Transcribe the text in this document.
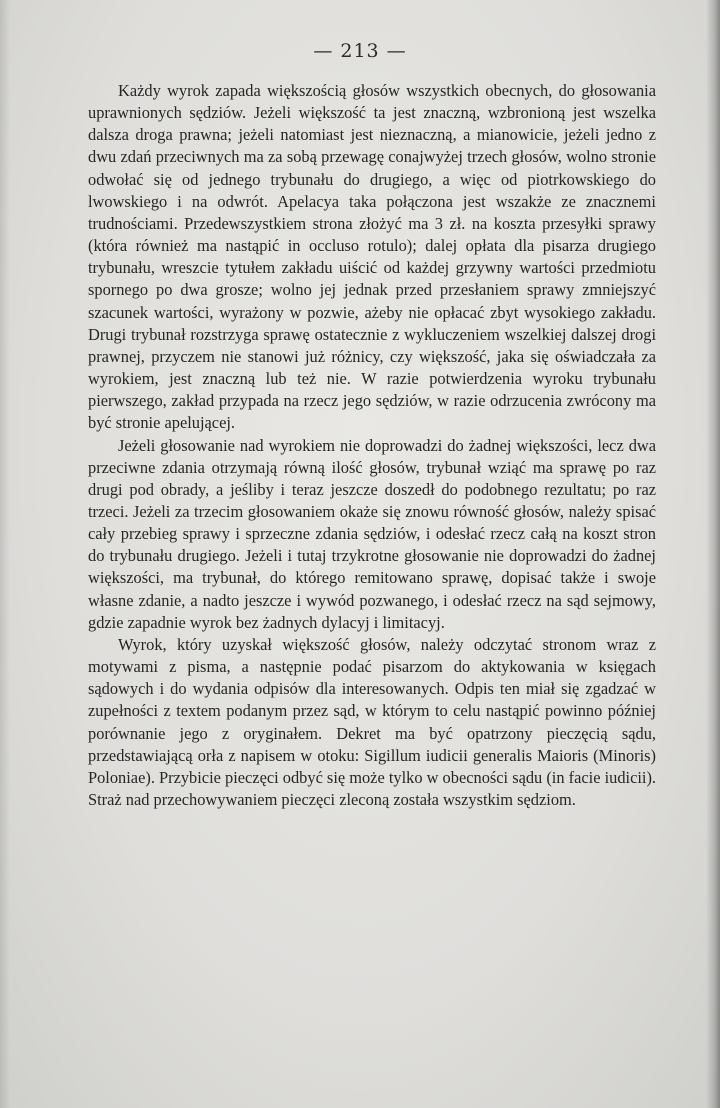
— 213 —

Każdy wyrok zapada większością głosów wszystkich obecnych, do głosowania uprawnionych sędziów. Jeżeli większość ta jest znaczną, wzbronioną jest wszelka dalsza droga prawna; jeżeli natomiast jest nieznaczną, a mianowicie, jeżeli jedno z dwu zdań przeciwnych ma za sobą przewagę conajwyżej trzech głosów, wolno stronie odwołać się od jednego trybunału do drugiego, a więc od piotrkowskiego do lwowskiego i na odwrót. Apelacya taka połączona jest wszakże ze znacznemi trudnościami. Przedewszystkiem strona złożyć ma 3 zł. na koszta przesyłki sprawy (która również ma nastąpić in occluso rotulo); dalej opłata dla pisarza drugiego trybunału, wreszcie tytułem zakładu uiścić od każdej grzywny wartości przedmiotu spornego po dwa grosze; wolno jej jednak przed przesłaniem sprawy zmniejszyć szacunek wartości, wyrażony w pozwie, ażeby nie opłacać zbyt wysokiego zakładu. Drugi trybunał rozstrzyga sprawę ostatecznie z wykluczeniem wszelkiej dalszej drogi prawnej, przyczem nie stanowi już różnicy, czy większość, jaka się oświadczała za wyrokiem, jest znaczną lub też nie. W razie potwierdzenia wyroku trybunału pierwszego, zakład przypada na rzecz jego sędziów, w razie odrzucenia zwrócony ma być stronie apelującej.

Jeżeli głosowanie nad wyrokiem nie doprowadzi do żadnej większości, lecz dwa przeciwne zdania otrzymają równą ilość głosów, trybunał wziąć ma sprawę po raz drugi pod obrady, a jeśliby i teraz jeszcze doszedł do podobnego rezultatu; po raz trzeci. Jeżeli za trzecim głosowaniem okaże się znowu równość głosów, należy spisać cały przebieg sprawy i sprzeczne zdania sędziów, i odesłać rzecz całą na koszt stron do trybunału drugiego. Jeżeli i tutaj trzykrotne głosowanie nie doprowadzi do żadnej większości, ma trybunał, do którego remitowano sprawę, dopisać także i swoje własne zdanie, a nadto jeszcze i wywód pozwanego, i odesłać rzecz na sąd sejmowy, gdzie zapadnie wyrok bez żadnych dylacyj i limitacyj.

Wyrok, który uzyskał większość głosów, należy odczytać stronom wraz z motywami z pisma, a następnie podać pisarzom do aktykowania w księgach sądowych i do wydania odpisów dla interesowanych. Odpis ten miał się zgadzać w zupełności z textem podanym przez sąd, w którym to celu nastąpić powinno później porównanie jego z oryginałem. Dekret ma być opatrzony pieczęcią sądu, przedstawiającą orła z napisem w otoku: Sigillum iudicii generalis Maioris (Minoris) Poloniae). Przybicie pieczęci odbyć się może tylko w obecności sądu (in facie iudicii). Straż nad przechowywaniem pieczęci zleconą została wszystkim sędziom.
